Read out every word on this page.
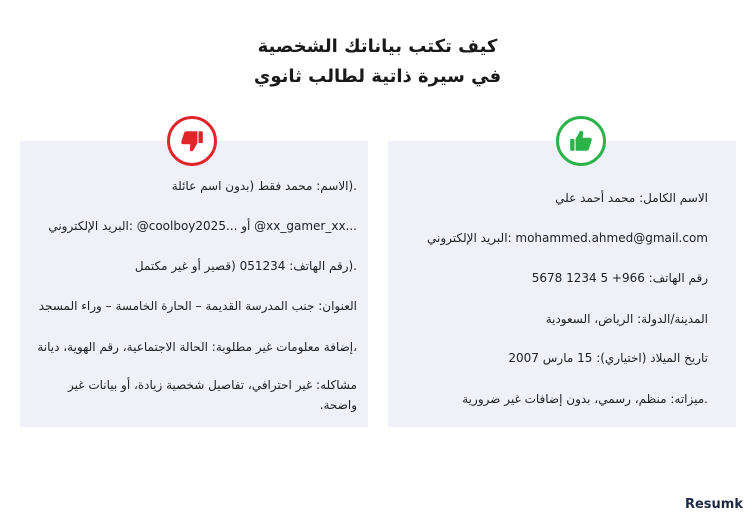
كيف تكتب بياناتك الشخصية
في سيرة ذاتية لطالب ثانوي
الاسم الكامل: محمد أحمد علي
mohammed.ahmed@gmail.com :البريد الإلكتروني
رقم الهاتف: 966+ 5 1234 5678
المدينة/الدولة: الرياض، السعودية
تاريخ الميلاد (اختياري): 15 مارس 2007
.ميزاته: منظم، رسمي، بدون إضافات غير ضرورية
.(الاسم: محمد فقط (بدون اسم عائلة
...xx_gamer_xx@ أو ...coolboy2025@ :البريد الإلكتروني
.(رقم الهاتف: 051234 (قصير أو غير مكتمل
العنوان: جنب المدرسة القديمة – الحارة الخامسة – وراء المسجد
،إضافة معلومات غير مطلوبة: الحالة الاجتماعية، رقم الهوية، ديانة
مشاكله: غير احترافي، تفاصيل شخصية زيادة، أو بيانات غير واضحة.
Resumk
